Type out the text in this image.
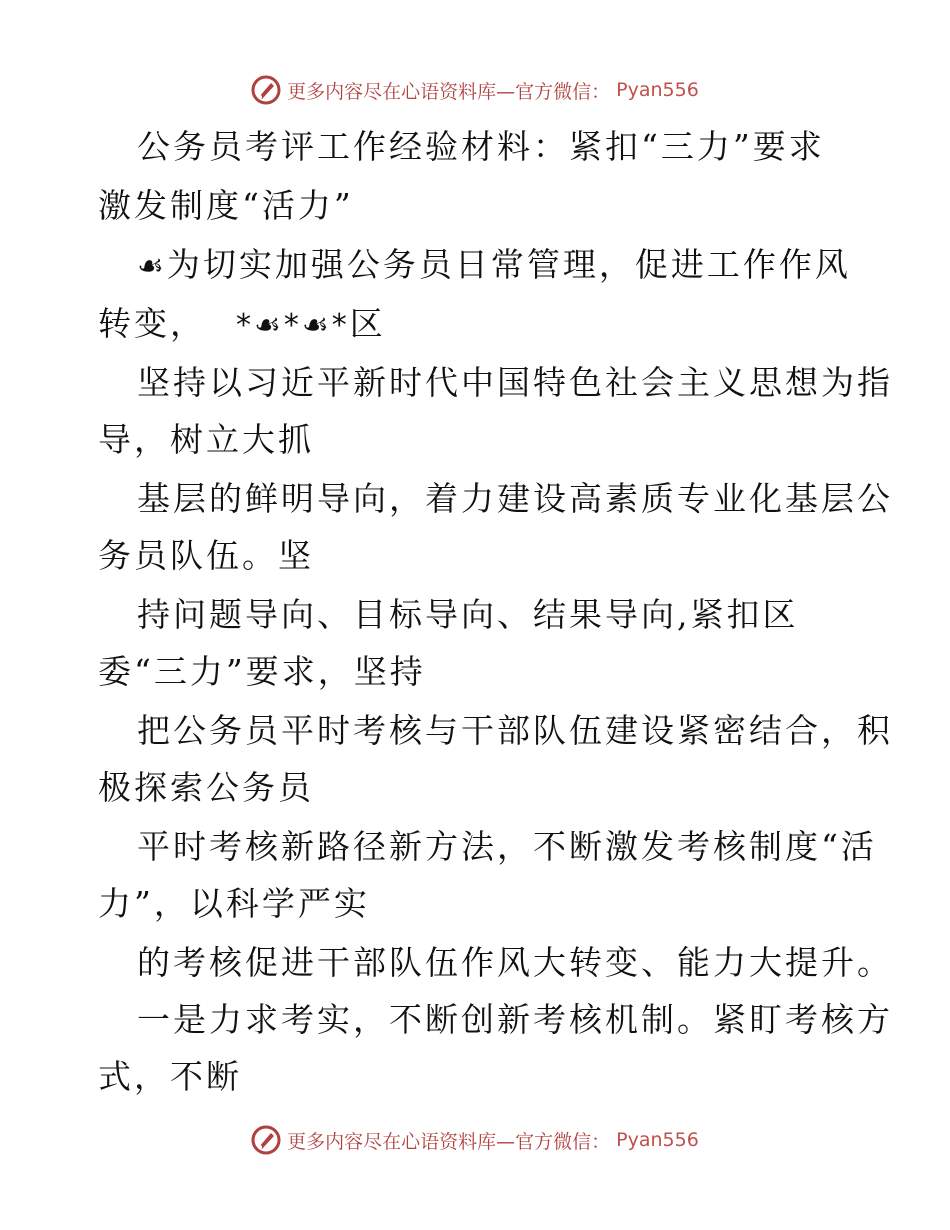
更多内容尽在心语资料库—官方微信： Pyan556
公务员考评工作经验材料：紧扣“三力”要求
激发制度“活力”
☙为切实加强公务员日常管理，促进工作作风
转变， *☙*☙*区
坚持以习近平新时代中国特色社会主义思想为指
导，树立大抓
基层的鲜明导向，着力建设高素质专业化基层公
务员队伍。坚
持问题导向、目标导向、结果导向,紧扣区
委“三力”要求，坚持
把公务员平时考核与干部队伍建设紧密结合，积
极探索公务员
平时考核新路径新方法，不断激发考核制度“活
力”，以科学严实
的考核促进干部队伍作风大转变、能力大提升。
一是力求考实，不断创新考核机制。紧盯考核方
式，不断
更多内容尽在心语资料库—官方微信： Pyan556
